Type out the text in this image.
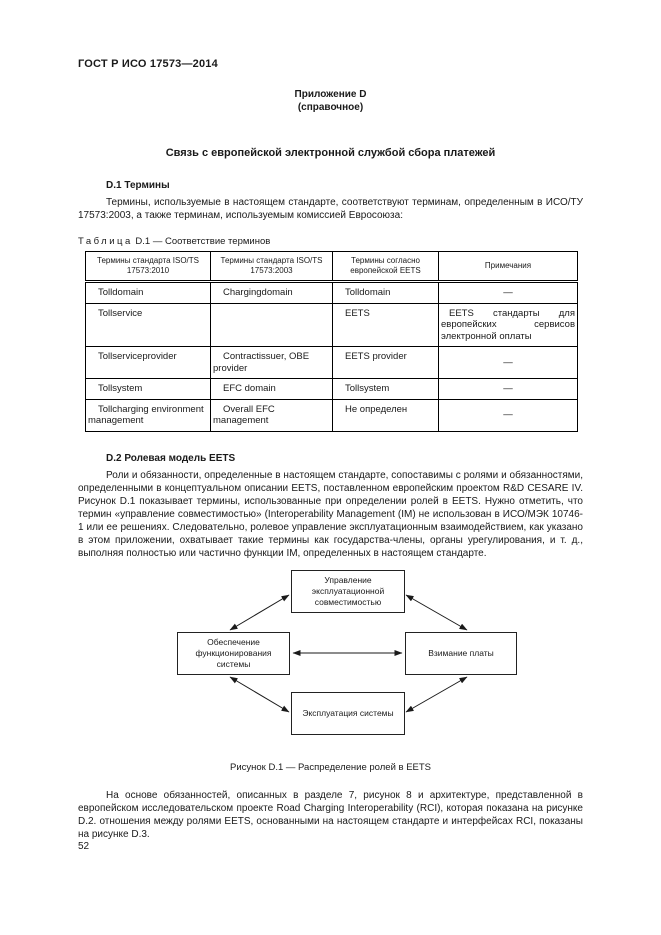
ГОСТ Р ИСО 17573—2014
Приложение D
(справочное)
Связь с европейской электронной службой сбора платежей
D.1 Термины
Термины, используемые в настоящем стандарте, соответствуют терминам, определенным в ИСО/ТУ 17573:2003, а также терминам, используемым комиссией Евросоюза:
Таблица D.1 — Соответствие терминов
Термины стандарта ISO/TS 17573:2010	Термины стандарта ISO/TS 17573:2003	Термины согласно европейской EETS	Примечания
Tolldomain	Chargingdomain	Tolldomain	—
Tollservice		EETS	EETS стандарты для европейских сервисов электронной оплаты
Tollserviceprovider	Contractissuer, OBE provider	EETS provider	—
Tollsystem	EFC domain	Tollsystem	—
Tollcharging environment management	Overall EFC management	Не определен	—
D.2 Ролевая модель EETS
Роли и обязанности, определенные в настоящем стандарте, сопоставимы с ролями и обязанностями, определенными в концептуальном описании EETS, поставленном европейским проектом R&D CESARE IV. Рисунок D.1 показывает термины, использованные при определении ролей в EETS. Нужно отметить, что термин «управление совместимостью» (Interoperability Management (IM) не использован в ИСО/МЭК 10746-1 или ее решениях. Следовательно, ролевое управление эксплуатационным взаимодействием, как указано в этом приложении, охватывает такие термины как государства-члены, органы урегулирования, и т. д., выполняя полностью или частично функции IM, определенных в настоящем стандарте.
Управление эксплуатационной совместимостью
Обеспечение функционирования системы
Взимание платы
Эксплуатация системы
Рисунок D.1 — Распределение ролей в EETS
На основе обязанностей, описанных в разделе 7, рисунок 8 и архитектуре, представленной в европейском исследовательском проекте Road Charging Interoperability (RCI), которая показана на рисунке D.2. отношения между ролями EETS, основанными на настоящем стандарте и интерфейсах RCI, показаны на рисунке D.3.
52
